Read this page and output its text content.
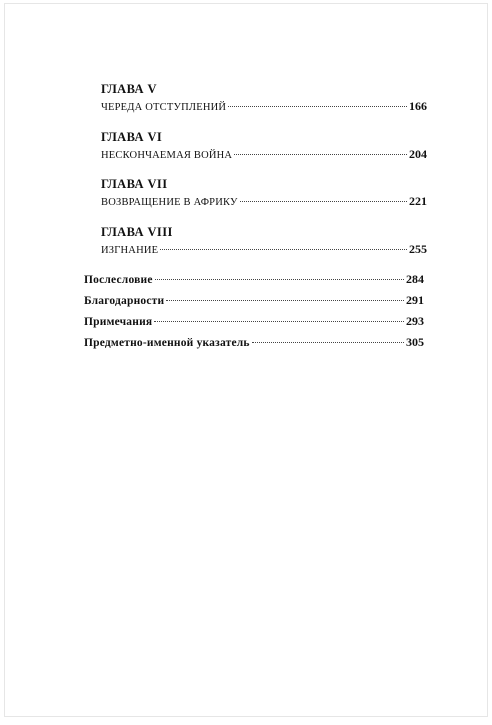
ГЛАВА V
ЧЕРЕДА ОТСТУПЛЕНИЙ	166
ГЛАВА VI
НЕСКОНЧАЕМАЯ ВОЙНА	204
ГЛАВА VII
ВОЗВРАЩЕНИЕ В АФРИКУ	221
ГЛАВА VIII
ИЗГНАНИЕ	255
Послесловие	284
Благодарности	291
Примечания	293
Предметно-именной указатель	305
